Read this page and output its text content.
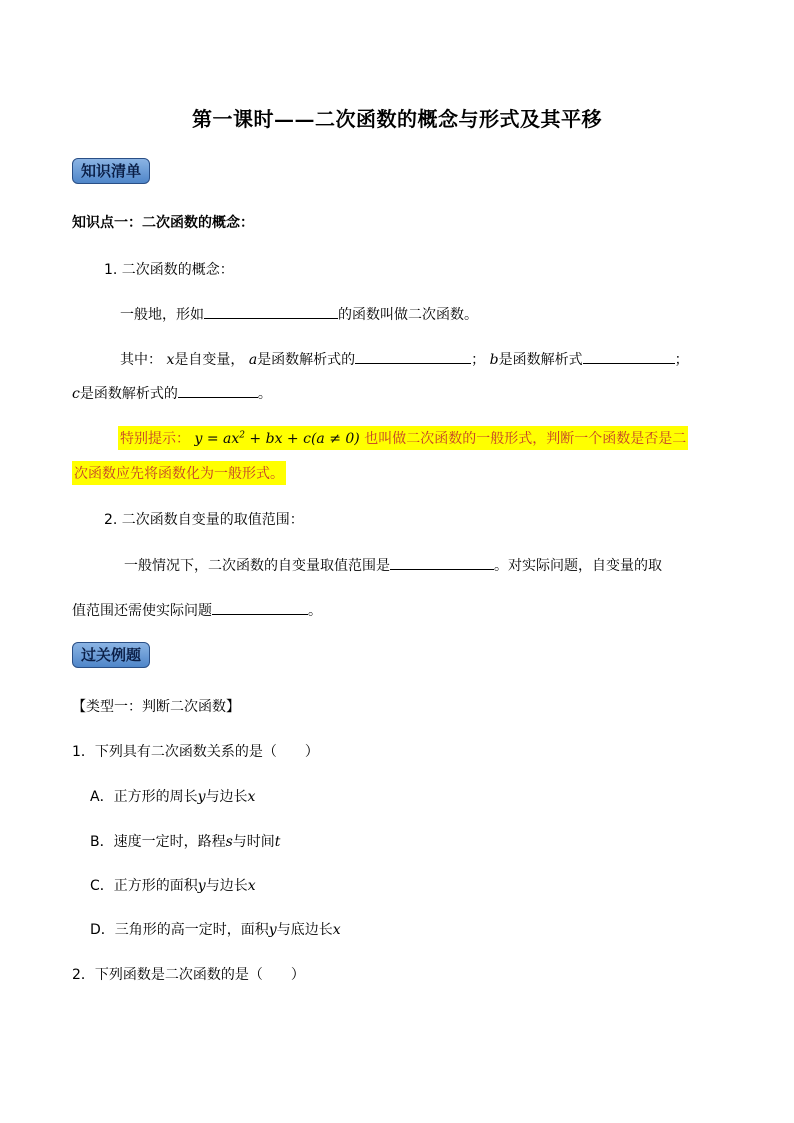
第一课时——二次函数的概念与形式及其平移
知识清单
知识点一：二次函数的概念：
1. 二次函数的概念：
一般地，形如	的函数叫做二次函数。
其中： x是自变量， a是函数解析式的	； b是函数解析式	；
c是函数解析式的	。
特别提示： $y = ax^2$ + bx + c(a ≠ 0) 也叫做二次函数的一般形式，判断一个函数是否是二
次函数应先将函数化为一般形式。
2. 二次函数自变量的取值范围：
一般情况下，二次函数的自变量取值范围是	。对实际问题，自变量的取
值范围还需使实际问题	。
过关例题
【类型一：判断二次函数】
1．下列具有二次函数关系的是（　　）
A．正方形的周长y与边长x
B．速度一定时，路程s与时间t
C．正方形的面积y与边长x
D．三角形的高一定时，面积y与底边长x
2．下列函数是二次函数的是（　　）
